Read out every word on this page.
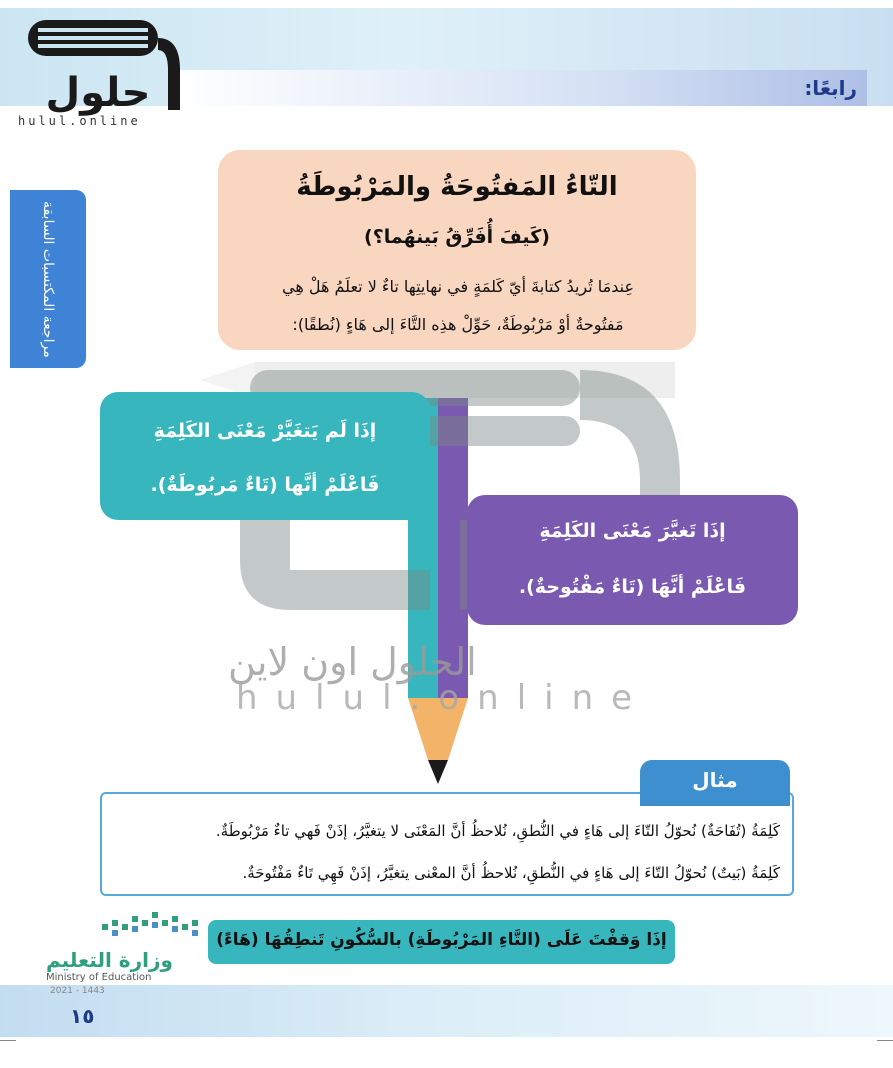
رابعًا:
حلول
hulul.online
مراجعة المكتسبات السابقة
التّاءُ المَفتُوحَةُ والمَرْبُوطَةُ
(كَيفَ أُفَرِّقُ بَينهُما؟)
عِندمَا تُريدُ كتابةَ أيّ كَلمَةٍ في نهايتِها تاءٌ لا تعلَمُ هَلْ هِي
مَفتُوحةٌ أوْ مَرْبُوطَةٌ، حَوِّلْ هذِه التَّاءَ إلى هَاءٍ (نُطقًا):
الحلول اون لاين
hulul.online
إذَا لَم يَتغَيَّرْ مَعْنَى الكَلِمَةِ
فَاعْلَمْ أنَّها (تَاءٌ مَربُوطَةٌ).
إذَا تَغيَّرَ مَعْنَى الكَلِمَةِ
فَاعْلَمْ أنَّهَا (تَاءٌ مَفْتُوحةٌ).
مثال
كَلِمَةُ (تُفَاحَةٌ) نُحوّلُ التّاءَ إلى هَاءٍ في النُّطقِ، نُلاحظُ أنَّ المَعْنَى لا يتغيَّرُ، إذَنْ فَهي تاءٌ مَرْبُوطَةٌ.
كَلِمَةُ (بَيتٌ) نُحوّلُ التّاءَ إلى هَاءٍ في النُّطقِ، نُلاحظُ أنَّ المعْنى يتغيَّرُ، إذَنْ فَهِي تَاءٌ مَفْتُوحَةٌ.
إذَا وَقفْتَ عَلَى (التَّاءِ المَرْبُوطَةِ) بالسُّكُونِ تَنطِقُهَا (هَاءً)
وزارة التعليم
Ministry of Education
2021 - 1443
١٥
